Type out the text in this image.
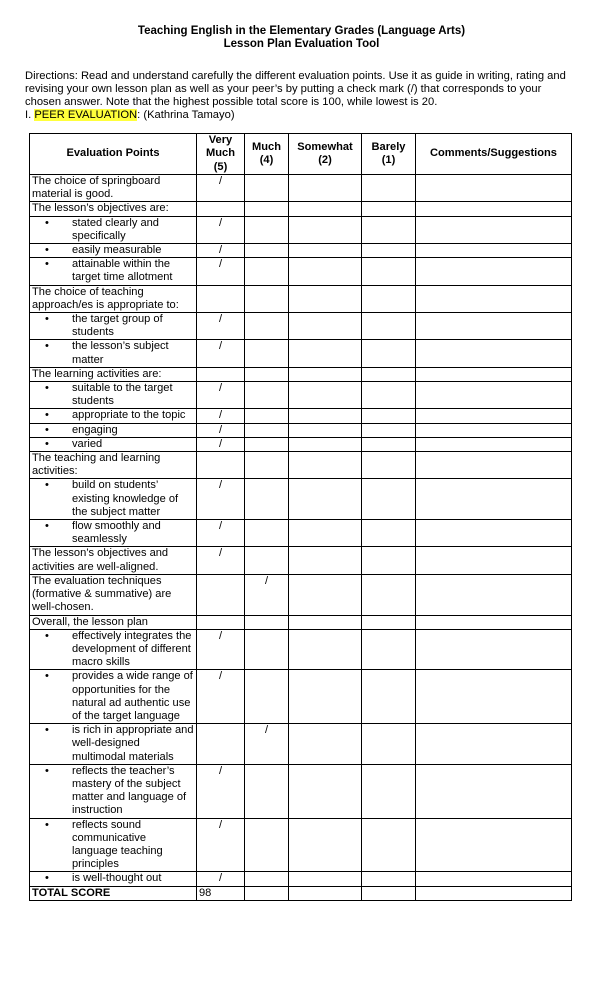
Teaching English in the Elementary Grades (Language Arts)
Lesson Plan Evaluation Tool
Directions: Read and understand carefully the different evaluation points. Use it as guide in writing, rating and revising your own lesson plan as well as your peer’s by putting a check mark (/) that corresponds to your chosen answer. Note that the highest possible total score is 100, while lowest is 20.
I. PEER EVALUATION: (Kathrina Tamayo)
Evaluation Points	Very Much (5)	Much (4)	Somewhat (2)	Barely (1)	Comments/Suggestions
The choice of springboard material is good.	/				
The lesson’s objectives are:					

• stated clearly and specifically	/				

• easily measurable	/				

• attainable within the target time allotment	/				
The choice of teaching approach/es is appropriate to:					

• the target group of students	/				

• the lesson’s subject matter	/				
The learning activities are:					

• suitable to the target students	/				

• appropriate to the topic	/				

• engaging	/				

• varied	/				
The teaching and learning activities:					

• build on students’ existing knowledge of the subject matter	/				

• flow smoothly and seamlessly	/				
The lesson’s objectives and activities are well-aligned.	/				
The evaluation techniques (formative & summative) are well-chosen.		/			
Overall, the lesson plan					

• effectively integrates the development of different macro skills	/				

• provides a wide range of opportunities for the natural ad authentic use of the target language	/				

• is rich in appropriate and well-designed multimodal materials		/			

• reflects the teacher’s mastery of the subject matter and language of instruction	/				

• reflects sound communicative language teaching principles	/				

• is well-thought out	/				
TOTAL SCORE	98				
